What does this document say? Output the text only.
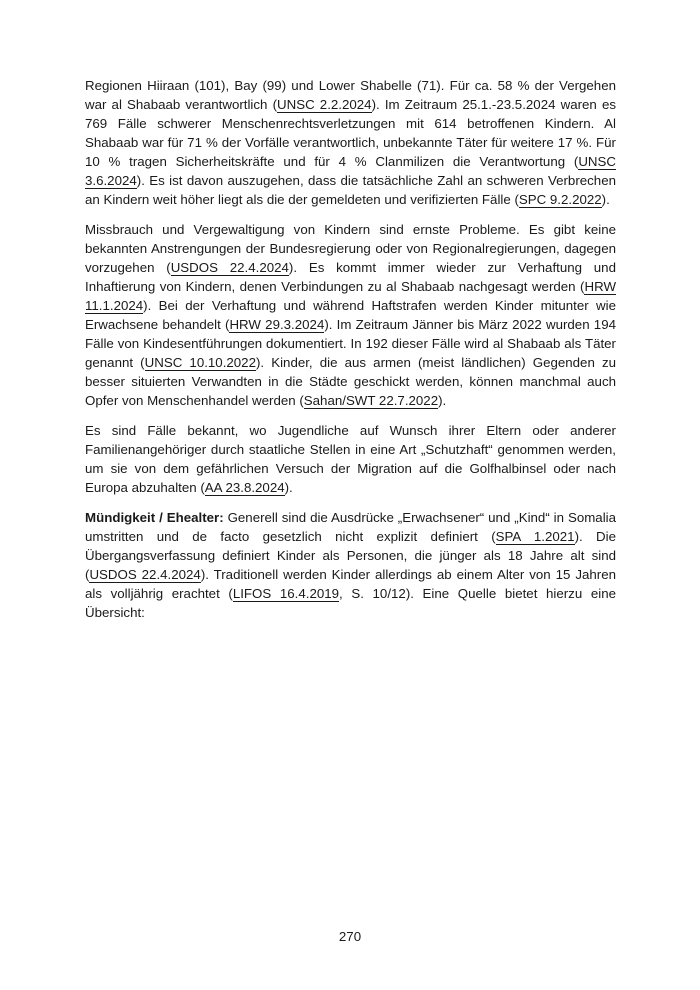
Regionen Hiiraan (101), Bay (99) und Lower Shabelle (71). Für ca. 58 % der Vergehen war al Shabaab verantwortlich (UNSC 2.2.2024). Im Zeitraum 25.1.-23.5.2024 waren es 769 Fälle schwerer Menschenrechtsverletzungen mit 614 betroffenen Kindern. Al Shabaab war für 71 % der Vorfälle verantwortlich, unbekannte Täter für weitere 17 %. Für 10 % tragen Sicherheitskräfte und für 4 % Clanmilizen die Verantwortung (UNSC 3.6.2024). Es ist davon auszugehen, dass die tatsächliche Zahl an schweren Verbrechen an Kindern weit höher liegt als die der gemeldeten und verifizierten Fälle (SPC 9.2.2022).

Missbrauch und Vergewaltigung von Kindern sind ernste Probleme. Es gibt keine bekannten Anstrengungen der Bundesregierung oder von Regionalregierungen, dagegen vorzugehen (USDOS 22.4.2024). Es kommt immer wieder zur Verhaftung und Inhaftierung von Kindern, denen Verbindungen zu al Shabaab nachgesagt werden (HRW 11.1.2024). Bei der Verhaftung und während Haftstrafen werden Kinder mitunter wie Erwachsene behandelt (HRW 29.3.2024). Im Zeitraum Jänner bis März 2022 wurden 194 Fälle von Kindesentführungen dokumentiert. In 192 dieser Fälle wird al Shabaab als Täter genannt (UNSC 10.10.2022). Kinder, die aus armen (meist ländlichen) Gegenden zu besser situierten Verwandten in die Städte geschickt werden, können manchmal auch Opfer von Menschenhandel werden (Sahan/SWT 22.7.2022).

Es sind Fälle bekannt, wo Jugendliche auf Wunsch ihrer Eltern oder anderer Familienangehöriger durch staatliche Stellen in eine Art „Schutzhaft“ genommen werden, um sie von dem gefährlichen Versuch der Migration auf die Golfhalbinsel oder nach Europa abzuhalten (AA 23.8.2024).

Mündigkeit / Ehealter: Generell sind die Ausdrücke „Erwachsener“ und „Kind“ in Somalia umstritten und de facto gesetzlich nicht explizit definiert (SPA 1.2021). Die Übergangsverfassung definiert Kinder als Personen, die jünger als 18 Jahre alt sind (USDOS 22.4.2024). Traditionell werden Kinder allerdings ab einem Alter von 15 Jahren als volljährig erachtet (LIFOS 16.4.2019, S. 10/12). Eine Quelle bietet hierzu eine Übersicht:

270
